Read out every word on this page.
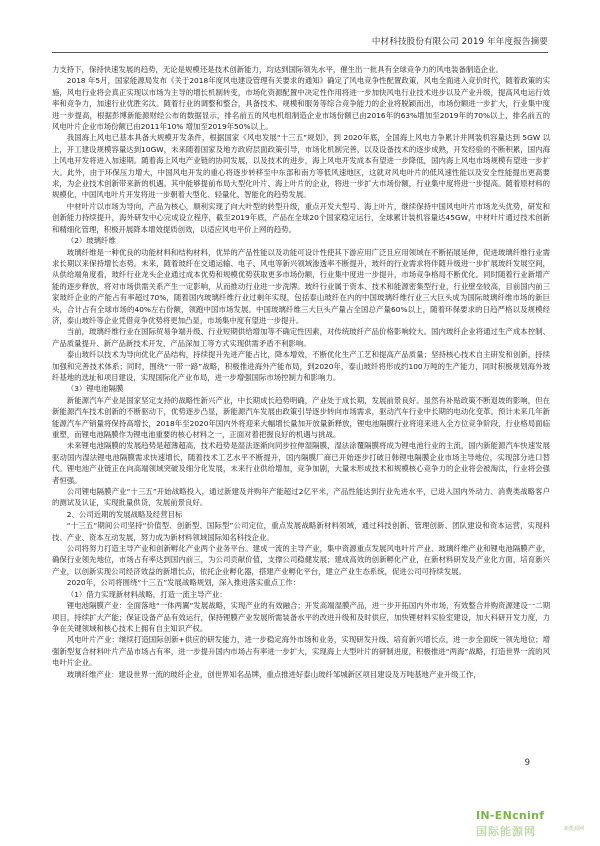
中材科技股份有限公司 2019 年年度报告摘要

力支持下，保持快速发展的趋势，无论是规模还是技术创新能力，均达到国际领先水平，催生出一批具有全球竞争力的风电装备制造企业。

2018 年5月，国家能源局发布《关于2018年度风电建设管理有关要求的通知》确定了风电竞争性配置政策，风电全面进入竞价时代，随着政策的实施，风电行业将会真正实现以市场为主导的增长机制转变，市场化资源配置中决定性作用将进一步加快风电行业技术进步以及产业升级，提高风电运行效率和竞争力，加速行业优胜劣汰。随着行业的调整和整合，具备技术、规模和服务等综合竞争能力的企业将脱颖而出，市场份额进一步扩大，行业集中度进一步提高，根据彭博新能源财经公布的数据显示，排名前五的风电机组制造企业市场份额已由2016年的63%增加至2019年的70%以上，排名前五的风电叶片企业市场份额已由2011年10% 增加至2019年50%以上。

我国海上风电已基本具备大规模开发条件，根据国家《风电发展“十三五”规划》，到 2020年底，全国海上风电力争累计并网装机容量达到 5GW 以上，开工建设规模容量达到10GW，未来随着国家及地方政府层面政策引导，市场化机制完善，以及设备技术的逐步成熟，开发经验的不断积累，国内海上风电开发将进入加速期。随着海上风电产业链的协同发展，以及技术的进步，海上风电开发成本有望进一步降低，国内海上风电市场规模有望进一步扩大。此外，由于环保压力增大，中国风电开发的重心将逐步转移至中东部和南方等低风速地区，这就对风电叶片的低风速性能以及安全性能提出更高要求，为企业技术创新带来新的机遇。其中能够提前布局大型化叶片、海上叶片的企业，将进一步扩大市场份额，行业集中度将进一步提高。随着原材料的规模化，中国风电叶片开发将进一步朝着大型化、轻量化、智能化的趋势发展。

中材叶片以市场为导向，产品为核心，顺利实现了向大叶型的转型升级，重点开发大型号、海上叶片，继续保持中国风电叶片市场龙头优势，研发和创新能力持续提升，海外研发中心完成设立程序，截至2019年底，产品在全球20个国家稳定运行，全球累计装机容量达45GW，中材叶片通过技术创新和精细化管理，积极开展降本增效提质创效，以适应风电平价上网的趋势。

（2）玻璃纤维

玻璃纤维是一种优良的功能材料和结构材料，优异的产品性能以及功能可设计性使其下游应用广泛且应用领域在不断拓展延伸，促进玻璃纤维行业需求长期以来保持增长态势。未来，随着玻纤在交通运输、电子、风电等新兴领域渗透率不断提升，玻纤的行业需求将伴随升级进一步扩展玻纤发展空间，从供给端角度看，玻纤行业龙头企业通过成本优势和规模优势获取更多市场份额，行业集中度进一步提升，市场竞争格局不断优化。同时随着行业新增产能的逐步释放，将对市场供需关系产生一定影响，从而推动行业进一步洗牌。玻纤行业属于资本、技术和能源密集型行业，行业壁垒较高，目前国内前三家玻纤企业的产能占有率超过70%，随着国内玻璃纤维行业过剩年实现，包括泰山玻纤在内的中国玻璃纤维行业三大巨头成为国际玻璃纤维市场的新巨头，合计占有全球市场的40%左右份额，领跑中国市场发展。中国玻璃纤维三大巨头产量占全国总产量60%以上，随着环保要求的日趋严格以及规模经济，泰山玻纤等企业凭借竞争优势将更加凸显，市场集中度有望进一步提升。

当前，玻璃纤维行业在国际贸易争端升级、行业短期供给增加等不确定性因素，对传统玻纤产品价格影响较大。国内玻纤企业将通过生产成本控制、产品质量提升、新产品新技术开发、产品深加工等方式实现供需矛盾不利影响。

泰山玻纤以技术为导向优化产品结构，持续提升先进产能占比，降本增效，不断优化生产工艺和提高产品质量；坚持核心技术自主研发和创新，持续加强和完善技术体系；同时，围绕“一带一路”战略，积极推进海外产能布局，到2020年，泰山玻纤将形成约100万吨的生产能力，同时积极规划海外玻纤基地的选址和项目建设，实现国际化产业布局，进一步增强国际市场控制力和影响力。

（3）锂电池隔膜

新能源汽车产业是国家坚定支持的战略性新兴产业，中长期成长趋势明确，产业处于成长期，发展前景良好。虽然有补贴政策不断退坡的影响，但在新能源汽车技术创新的不断驱动下，优势逐步凸显，新能源汽车发展由政策引导逐步转向市场需求，驱动汽车行业中长期的电动化变革。预计未来几年新能源汽车产销量将保持高增长，2018年至2020年国内外将迎来大幅增长量加开放量新释放，锂电池隔膜行业将迎来进入全方位竞争阶段，行业格局面临重塑，而锂电池隔膜作为锂电池重要的核心材料之一，正面对着把握良好的机遇与挑战。

未来锂电池隔膜的发展趋势是超薄超高，技术趋势是湿法逐渐向同步拉伸湿隔膜，湿法涂覆隔膜将成为锂电池行业的主流，国内新能源汽车快速发展驱动国内湿法锂电池隔膜需求快速增长，随着技术工艺水平不断提升，国内隔膜厂商已开始逐步打破日韩锂电隔膜企业市场主导地位，实现部分进口替代。锂电池产业链正在向高端领域突破及细分化发展，未来行业供给增加，竞争加剧，大量未形成技术和规模核心竞争力的企业将会被淘汰，行业将会强者恒强。

公司锂电隔膜产业“十三五”开始战略投入，通过新建及并购年产能超过2亿平米，产品性能达到行业先进水平，已进入国内外动力、消费类战略客户的测试及认证，实现批量供货，发展前景良好。

2、公司近期的发展战略及经营目标

“十三五”期间公司坚持“价值型、创新型、国际型”公司定位，重点发展战略新材料领域，通过科技创新、管理创新、团队建设和资本运营，实现科技、产业、资本互动发展，努力成为新材料领域国际知名科技企业。

公司将努力打造主导产业和创新孵化产业两个业务平台。建成一流的主导产业，集中资源重点发展风电叶片产业、玻璃纤维产业和锂电池隔膜产业，确保行业领先地位，市场占有率达到国内前三，为公司贡献价值，支撑公司稳健发展；建成高效的创新孵化产业，在新材料研发及产业化方面，培育新兴产业，以创新实现公司经济效益的新增长点，依托企业孵化器，搭建产业孵化平台，建立产业生态系统，促进公司可持续发展。

2020年，公司将围绕“十三五”发展战略规划，深入推进落实重点工作：

（1）借力实现新材料战略，打造一流主导产业：

锂电池隔膜产业：全面落地“一体两翼”发展战略，实现产业的有效融合；开发高端湿膜产品，进一步开拓国内外市场，有效整合并购资源建设一二期项目，持续扩大产能；保证设备产品有效运行，保持锂膜产业发展所需装备水平的改进升级和及时供应，加快锂材料实验室建设，加大科研开发力度，力争在关键领域和核心技术上拥有自主知识产权。

风电叶片产业：继续打造国际创新+供应的研发能力，进一步稳定海外市场和业务，实现研发升级、培育新兴增长点，进一步全面统一领先地位；增强新型复合材料叶片产品市场占有率，进一步提升国内市场占有率进一步扩大，实现海上大型叶片的研制进度，积极推进“两海”战略，打造世界一流的风电叶片企业。

玻璃纤维产业：建设世界一流的玻纤企业，创世界知名品牌，重点推进好泰山玻纤邹城新区项目建设及万吨基地产业升级工作，

9
IN-ENcninf
国际能源网	新能源网
